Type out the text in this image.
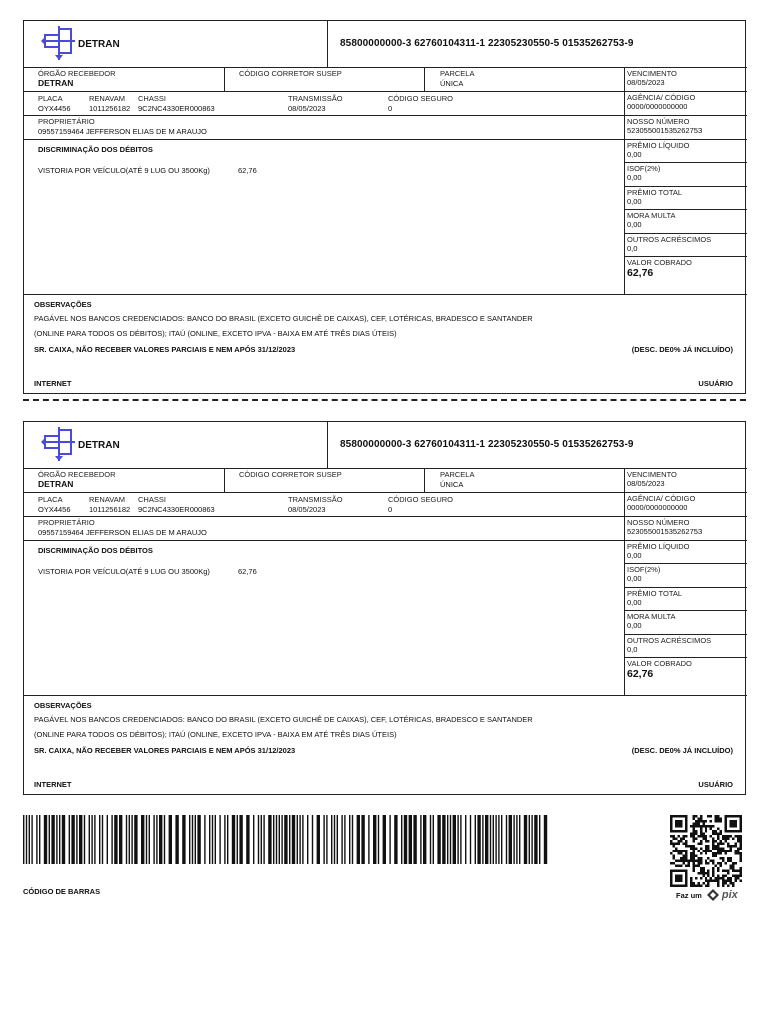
DETRAN	85800000000-3 62760104311-1 22305230550-5 01535262753-9
ÓRGÃO RECEBEDOR
DETRAN
CÓDIGO CORRETOR SUSEP	PARCELA
ÚNICA
PLACA
OYX4456
RENAVAM
1011256182
CHASSI
9C2NC4330ER000863
TRANSMISSÃO
08/05/2023
CÓDIGO SEGURO
0
PROPRIETÁRIO
09557159464 JEFFERSON ELIAS DE M ARAUJO
DISCRIMINAÇÃO DOS DÉBITOS
VISTORIA POR VEÍCULO(ATÉ 9 LUG OU 3500Kg)	62,76
VENCIMENTO
08/05/2023
AGÊNCIA/ CÓDIGO
0000/0000000000
NOSSO NÚMERO
52305500153526275З
PRÊMIO LÍQUIDO
0,00
ISOF(2%)
0,00
PRÊMIO TOTAL
0,00
MORA MULTA
0,00
OUTROS ACRÉSCIMOS
0,0
VALOR COBRADO
62,76
OBSERVAÇÕES
PAGÁVEL NOS BANCOS CREDENCIADOS: BANCO DO BRASIL (EXCETO GUICHÊ DE CAIXAS), CEF, LOTÉRICAS, BRADESCO E SANTANDER
(ONLINE PARA TODOS OS DÉBITOS); ITAÚ (ONLINE, EXCETO IPVA - BAIXA EM ATÉ TRÊS DIAS ÚTEIS)
SR. CAIXA, NÃO RECEBER VALORES PARCIAIS E NEM APÓS 31/12/2023	(DESC. DE0% JÁ INCLUÍDO)
INTERNET	USUÁRIO
DETRAN	85800000000-3 62760104311-1 22305230550-5 01535262753-9
ÓRGÃO RECEBEDOR
DETRAN
CÓDIGO CORRETOR SUSEP	PARCELA
ÚNICA
PLACA
OYX4456
RENAVAM
1011256182
CHASSI
9C2NC4330ER000863
TRANSMISSÃO
08/05/2023
CÓDIGO SEGURO
0
PROPRIETÁRIO
09557159464 JEFFERSON ELIAS DE M ARAUJO
DISCRIMINAÇÃO DOS DÉBITOS
VISTORIA POR VEÍCULO(ATÉ 9 LUG OU 3500Kg)	62,76
VENCIMENTO
08/05/2023
AGÊNCIA/ CÓDIGO
0000/0000000000
NOSSO NÚMERO
52305500153526275З
PRÊMIO LÍQUIDO
0,00
ISOF(2%)
0,00
PRÊMIO TOTAL
0,00
MORA MULTA
0,00
OUTROS ACRÉSCIMOS
0,0
VALOR COBRADO
62,76
OBSERVAÇÕES
PAGÁVEL NOS BANCOS CREDENCIADOS: BANCO DO BRASIL (EXCETO GUICHÊ DE CAIXAS), CEF, LOTÉRICAS, BRADESCO E SANTANDER
(ONLINE PARA TODOS OS DÉBITOS); ITAÚ (ONLINE, EXCETO IPVA - BAIXA EM ATÉ TRÊS DIAS ÚTEIS)
SR. CAIXA, NÃO RECEBER VALORES PARCIAIS E NEM APÓS 31/12/2023	(DESC. DE0% JÁ INCLUÍDO)
INTERNET	USUÁRIO
CÓDIGO DE BARRAS	Faz um pix
